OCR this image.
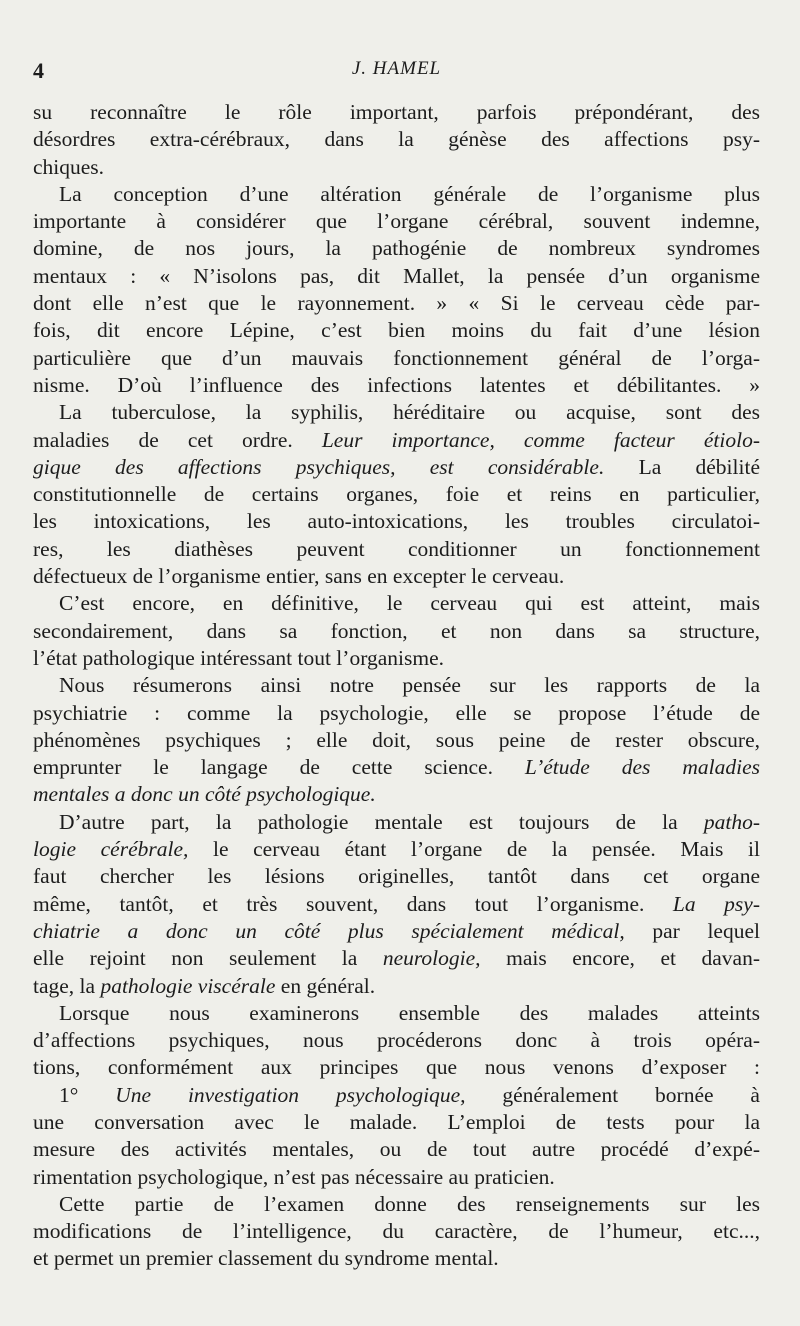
4	J. HAMEL
su reconnaître le rôle important, parfois prépondérant, des
désordres extra-cérébraux, dans la génèse des affections psy-
chiques.
La conception d’une altération générale de l’organisme plus
importante à considérer que l’organe cérébral, souvent indemne,
domine, de nos jours, la pathogénie de nombreux syndromes
mentaux : « N’isolons pas, dit Mallet, la pensée d’un organisme
dont elle n’est que le rayonnement. » « Si le cerveau cède par-
fois, dit encore Lépine, c’est bien moins du fait d’une lésion
particulière que d’un mauvais fonctionnement général de l’orga-
nisme. D’où l’influence des infections latentes et débilitantes. »
La tuberculose, la syphilis, héréditaire ou acquise, sont des
maladies de cet ordre. Leur importance, comme facteur étiolo-
gique des affections psychiques, est considérable. La débilité
constitutionnelle de certains organes, foie et reins en particulier,
les intoxications, les auto-intoxications, les troubles circulatoi-
res, les diathèses peuvent conditionner un fonctionnement
défectueux de l’organisme entier, sans en excepter le cerveau.
C’est encore, en définitive, le cerveau qui est atteint, mais
secondairement, dans sa fonction, et non dans sa structure,
l’état pathologique intéressant tout l’organisme.
Nous résumerons ainsi notre pensée sur les rapports de la
psychiatrie : comme la psychologie, elle se propose l’étude de
phénomènes psychiques ; elle doit, sous peine de rester obscure,
emprunter le langage de cette science. L’étude des maladies
mentales a donc un côté psychologique.
D’autre part, la pathologie mentale est toujours de la patho-
logie cérébrale, le cerveau étant l’organe de la pensée. Mais il
faut chercher les lésions originelles, tantôt dans cet organe
même, tantôt, et très souvent, dans tout l’organisme. La psy-
chiatrie a donc un côté plus spécialement médical, par lequel
elle rejoint non seulement la neurologie, mais encore, et davan-
tage, la pathologie viscérale en général.
Lorsque nous examinerons ensemble des malades atteints
d’affections psychiques, nous procéderons donc à trois opéra-
tions, conformément aux principes que nous venons d’exposer :
1° Une investigation psychologique, généralement bornée à
une conversation avec le malade. L’emploi de tests pour la
mesure des activités mentales, ou de tout autre procédé d’expé-
rimentation psychologique, n’est pas nécessaire au praticien.
Cette partie de l’examen donne des renseignements sur les
modifications de l’intelligence, du caractère, de l’humeur, etc...,
et permet un premier classement du syndrome mental.
